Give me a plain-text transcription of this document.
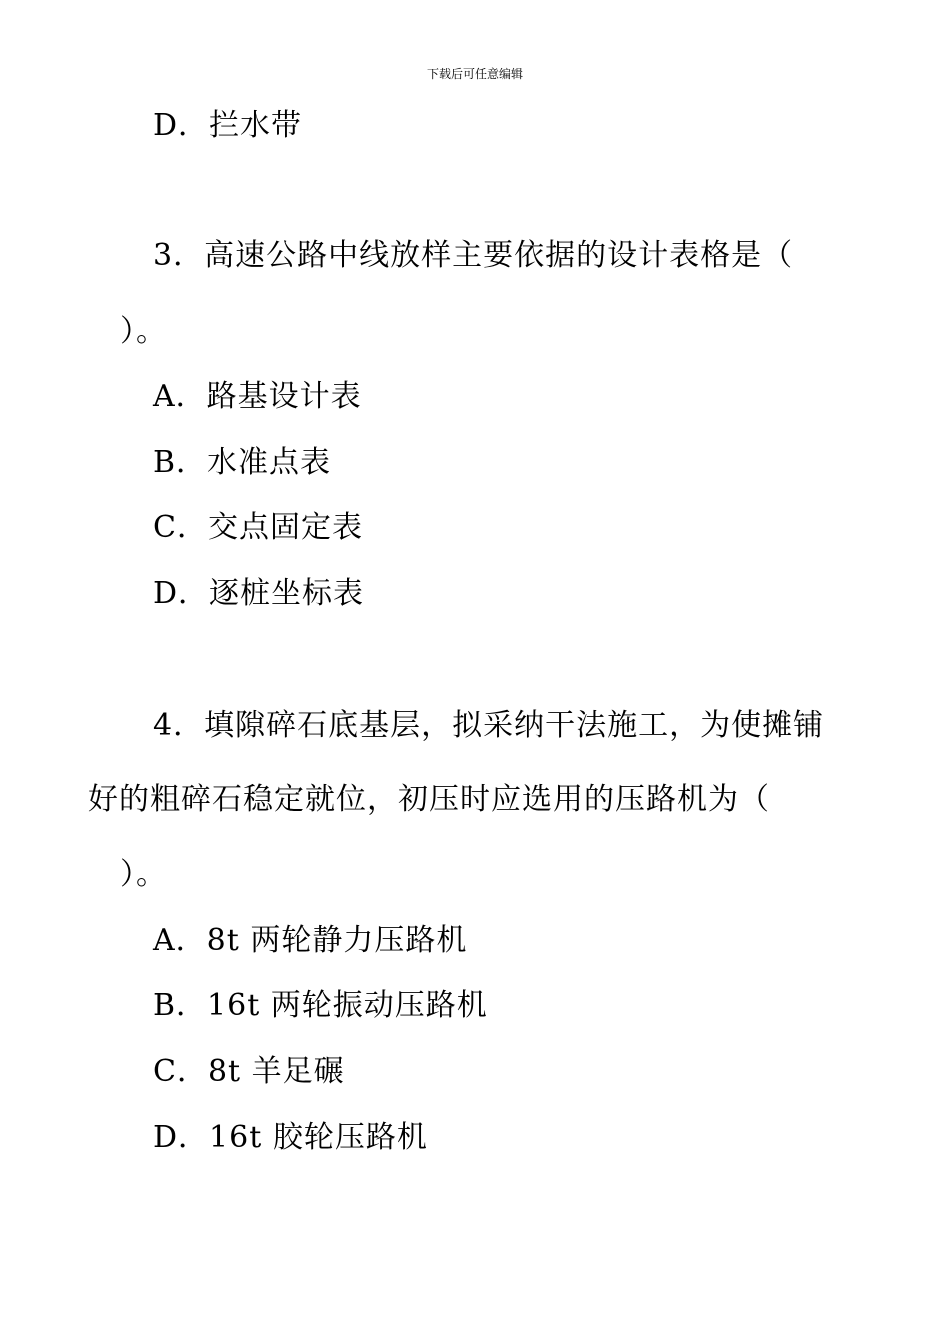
下载后可任意编辑
D．拦水带
3．高速公路中线放样主要依据的设计表格是（
）。
A．路基设计表
B．水准点表
C．交点固定表
D．逐桩坐标表
4．填隙碎石底基层，拟采纳干法施工，为使摊铺
好的粗碎石稳定就位，初压时应选用的压路机为（
）。
A．8t 两轮静力压路机
B．16t 两轮振动压路机
C．8t 羊足碾
D．16t 胶轮压路机
